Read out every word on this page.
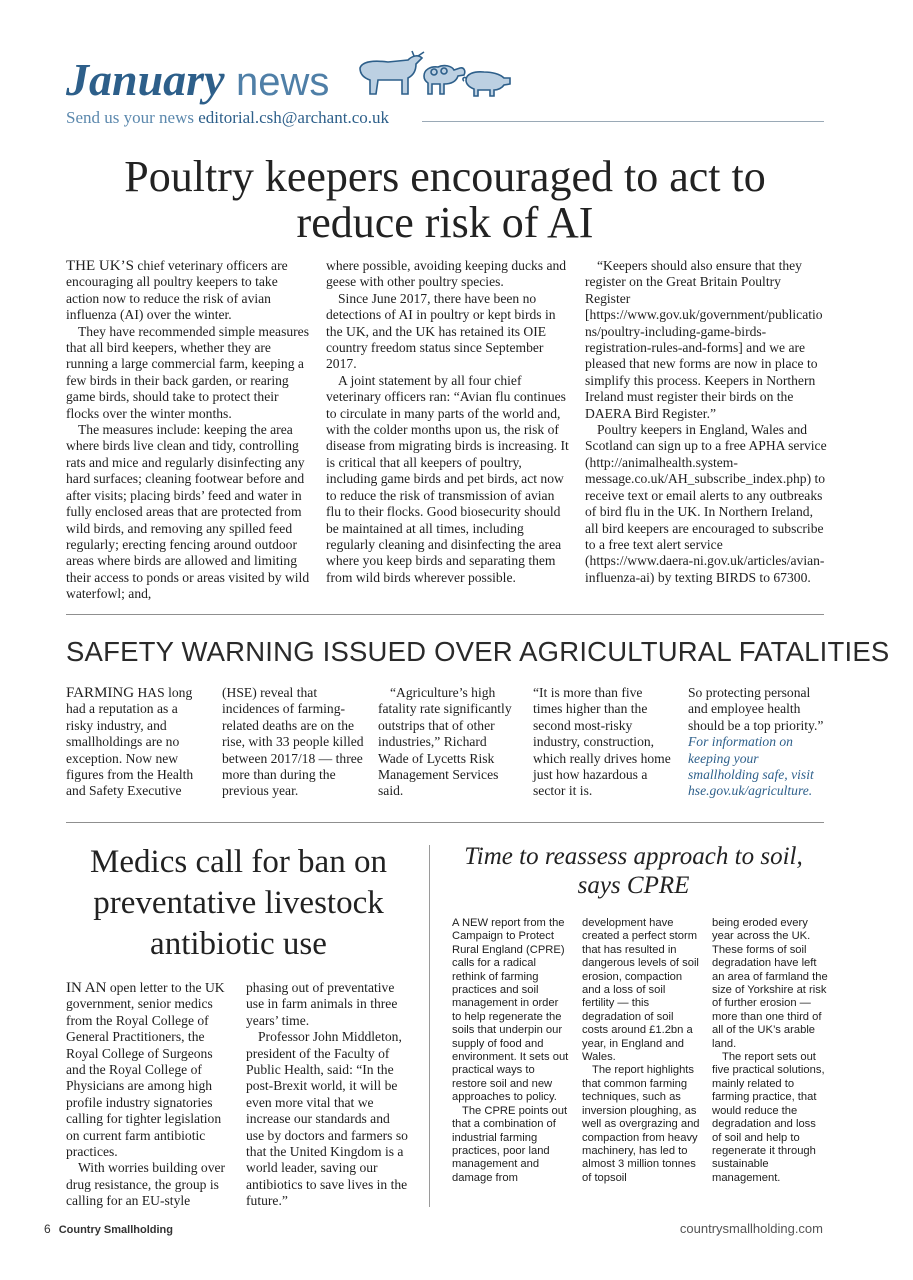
January news
Send us your news editorial.csh@archant.co.uk
Poultry keepers encouraged to act to reduce risk of AI

THE UK’S chief veterinary officers are encouraging all poultry keepers to take action now to reduce the risk of avian influenza (AI) over the winter.

They have recommended simple measures that all bird keepers, whether they are running a large commercial farm, keeping a few birds in their back garden, or rearing game birds, should take to protect their flocks over the winter months.

The measures include: keeping the area where birds live clean and tidy, controlling rats and mice and regularly disinfecting any hard surfaces; cleaning footwear before and after visits; placing birds’ feed and water in fully enclosed areas that are protected from wild birds, and removing any spilled feed regularly; erecting fencing around outdoor areas where birds are allowed and limiting their access to ponds or areas visited by wild waterfowl; and,

where possible, avoiding keeping ducks and geese with other poultry species.

Since June 2017, there have been no detections of AI in poultry or kept birds in the UK, and the UK has retained its OIE country freedom status since September 2017.

A joint statement by all four chief veterinary officers ran: “Avian flu continues to circulate in many parts of the world and, with the colder months upon us, the risk of disease from migrating birds is increasing. It is critical that all keepers of poultry, including game birds and pet birds, act now to reduce the risk of transmission of avian flu to their flocks. Good biosecurity should be maintained at all times, including regularly cleaning and disinfecting the area where you keep birds and separating them from wild birds wherever possible.

“Keepers should also ensure that they register on the Great Britain Poultry Register [https://www.gov.uk/government/publications/poultry-including-game-birds-registration-rules-and-forms] and we are pleased that new forms are now in place to simplify this process. Keepers in Northern Ireland must register their birds on the DAERA Bird Register.”

Poultry keepers in England, Wales and Scotland can sign up to a free APHA service (http://animalhealth.system-message.co.uk/AH_subscribe_index.php) to receive text or email alerts to any outbreaks of bird flu in the UK. In Northern Ireland, all bird keepers are encouraged to subscribe to a free text alert service (https://www.daera-ni.gov.uk/articles/avian-influenza-ai) by texting BIRDS to 67300.

SAFETY WARNING ISSUED OVER AGRICULTURAL FATALITIES

FARMING HAS long had a reputation as a risky industry, and smallholdings are no exception. Now new figures from the Health and Safety Executive

(HSE) reveal that incidences of farming-related deaths are on the rise, with 33 people killed between 2017/18 — three more than during the previous year.

“Agriculture’s high fatality rate significantly outstrips that of other industries,” Richard Wade of Lycetts Risk Management Services said.

“It is more than five times higher than the second most-risky industry, construction, which really drives home just how hazardous a sector it is.

So protecting personal and employee health should be a top priority.”

For information on keeping your smallholding safe, visit hse.gov.uk/agriculture.

Medics call for ban on preventative livestock antibiotic use

IN AN open letter to the UK government, senior medics from the Royal College of General Practitioners, the Royal College of Surgeons and the Royal College of Physicians are among high profile industry signatories calling for tighter legislation on current farm antibiotic practices.

With worries building over drug resistance, the group is calling for an EU-style

phasing out of preventative use in farm animals in three years’ time.

Professor John Middleton, president of the Faculty of Public Health, said: “In the post-Brexit world, it will be even more vital that we increase our standards and use by doctors and farmers so that the United Kingdom is a world leader, saving our antibiotics to save lives in the future.”

Time to reassess approach to soil, says CPRE

A NEW report from the Campaign to Protect Rural England (CPRE) calls for a radical rethink of farming practices and soil management in order to help regenerate the soils that underpin our supply of food and environment. It sets out practical ways to restore soil and new approaches to policy.

The CPRE points out that a combination of industrial farming practices, poor land management and damage from

development have created a perfect storm that has resulted in dangerous levels of soil erosion, compaction and a loss of soil fertility — this degradation of soil costs around £1.2bn a year, in England and Wales.

The report highlights that common farming techniques, such as inversion ploughing, as well as overgrazing and compaction from heavy machinery, has led to almost 3 million tonnes of topsoil

being eroded every year across the UK. These forms of soil degradation have left an area of farmland the size of Yorkshire at risk of further erosion — more than one third of all of the UK’s arable land.

The report sets out five practical solutions, mainly related to farming practice, that would reduce the degradation and loss of soil and help to regenerate it through sustainable management.

6 Country Smallholding	countrysmallholding.com
